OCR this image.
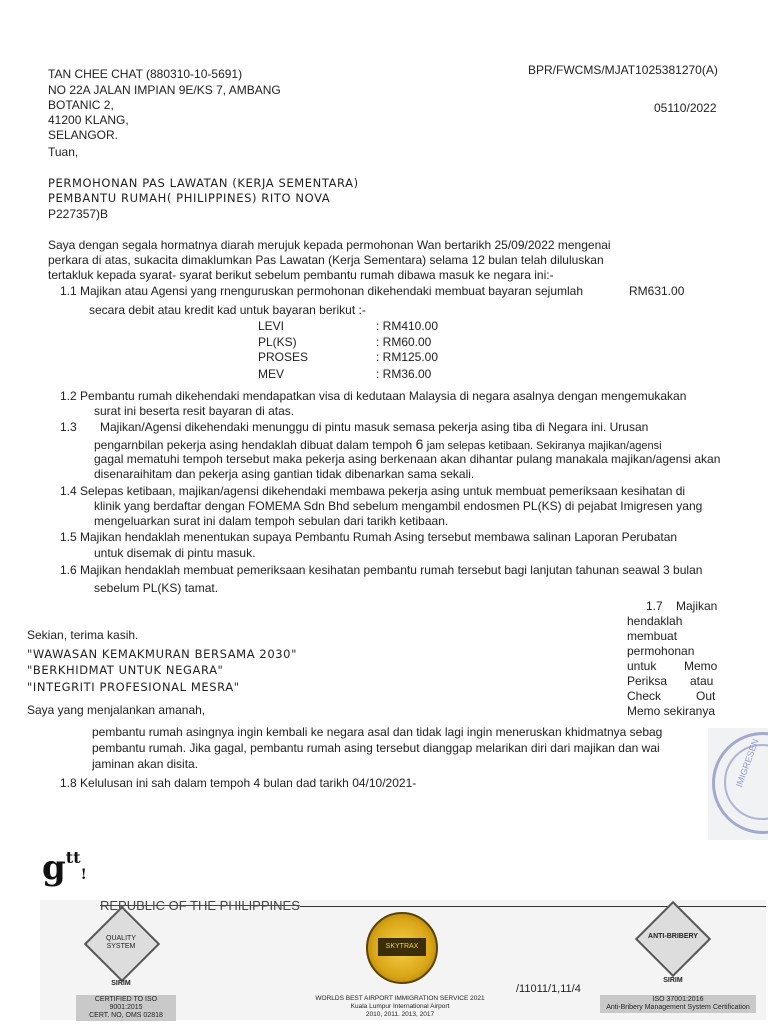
TAN CHEE CHAT (880310-10-5691)
NO 22A JALAN IMPIAN 9E/KS 7, AMBANG
BOTANIC 2,
41200 KLANG,
SELANGOR.
Tuan,
BPR/FWCMS/MJAT1025381270(A)
05110/2022
PERMOHONAN PAS LAWATAN (KERJA SEMENTARA)
PEMBANTU RUMAH( PHILIPPINES) RITO NOVA
P227357)B
Saya dengan segala hormatnya diarah merujuk kepada permohonan Wan bertarikh 25/09/2022 mengenai
perkara di atas, sukacita dimaklumkan Pas Lawatan (Kerja Sementara) selama 12 bulan telah diluluskan
tertakluk kepada syarat- syarat berikut sebelum pembantu rumah dibawa masuk ke negara ini:-
1.1 Majikan atau Agensi yang rnenguruskan permohonan dikehendaki membuat bayaran sejumlah	RM631.00
secara debit atau kredit kad untuk bayaran berikut :-
LEVI	: RM410.00
PL(KS)	: RM60.00
PROSES	: RM125.00
MEV	: RM36.00
1.2 Pembantu rumah dikehendaki mendapatkan visa di kedutaan Malaysia di negara asalnya dengan mengemukakan
surat ini beserta resit bayaran di atas.
1.3 Majikan/Agensi dikehendaki menunggu di pintu masuk semasa pekerja asing tiba di Negara ini. Urusan
pengarnbilan pekerja asing hendaklah dibuat dalam tempoh 6 jam selepas ketibaan. Sekiranya majikan/agensi
gagal mematuhi tempoh tersebut maka pekerja asing berkenaan akan dihantar pulang manakala majikan/agensi akan
disenaraihitam dan pekerja asing gantian tidak dibenarkan sama sekali.
1.4 Selepas ketibaan, majikan/agensi dikehendaki membawa pekerja asing untuk membuat pemeriksaan kesihatan di
klinik yang berdaftar dengan FOMEMA Sdn Bhd sebelum mengambil endosmen PL(KS) di pejabat Imigresen yang
mengeluarkan surat ini dalam tempoh sebulan dari tarikh ketibaan.
1.5 Majikan hendaklah menentukan supaya Pembantu Rumah Asing tersebut membawa salinan Laporan Perubatan
untuk disemak di pintu masuk.
1.6 Majikan hendaklah membuat pemeriksaan kesihatan pembantu rumah tersebut bagi lanjutan tahunan seawal 3 bulan
sebelum PL(KS) tamat.
1.7 Majikan
hendaklah
membuat
permohonan
untuk Memo
Periksa atau
Check	Out
Memo sekiranya
Sekian, terima kasih.
"WAWASAN KEMAKMURAN BERSAMA 2030"
"BERKHIDMAT UNTUK NEGARA"
"INTEGRITI PROFESIONAL MESRA"
Saya yang menjalankan amanah,
IMIGRESEN
pembantu rumah asingnya ingin kembali ke negara asal dan tidak lagi ingin meneruskan khidmatnya sebag
pembantu rumah. Jika gagal, pembantu rumah asing tersebut dianggap melarikan diri dari majikan dan wai
jaminan akan disita.
1.8 Kelulusan ini sah dalam tempoh 4 bulan dad tarikh 04/10/2021-
$g^{tt}$!
REPUBLIC OF THE PHILIPPINES
QUALITY SYSTEM
SIRIM
CERTIFIED TO ISO 9001:2015
CERT. NO, OMS 02818
SKYTRAX
WORLDS BEST AIRPORT IMMIGRATION SERVICE 2021
Kuala Lumpur International Airport
2010, 2011. 2013, 2017
/11011/1,11/4
ANTI-BRIBERY
SIRIM
ISO 37001:2016
Anti-Bribery Management System Certification
